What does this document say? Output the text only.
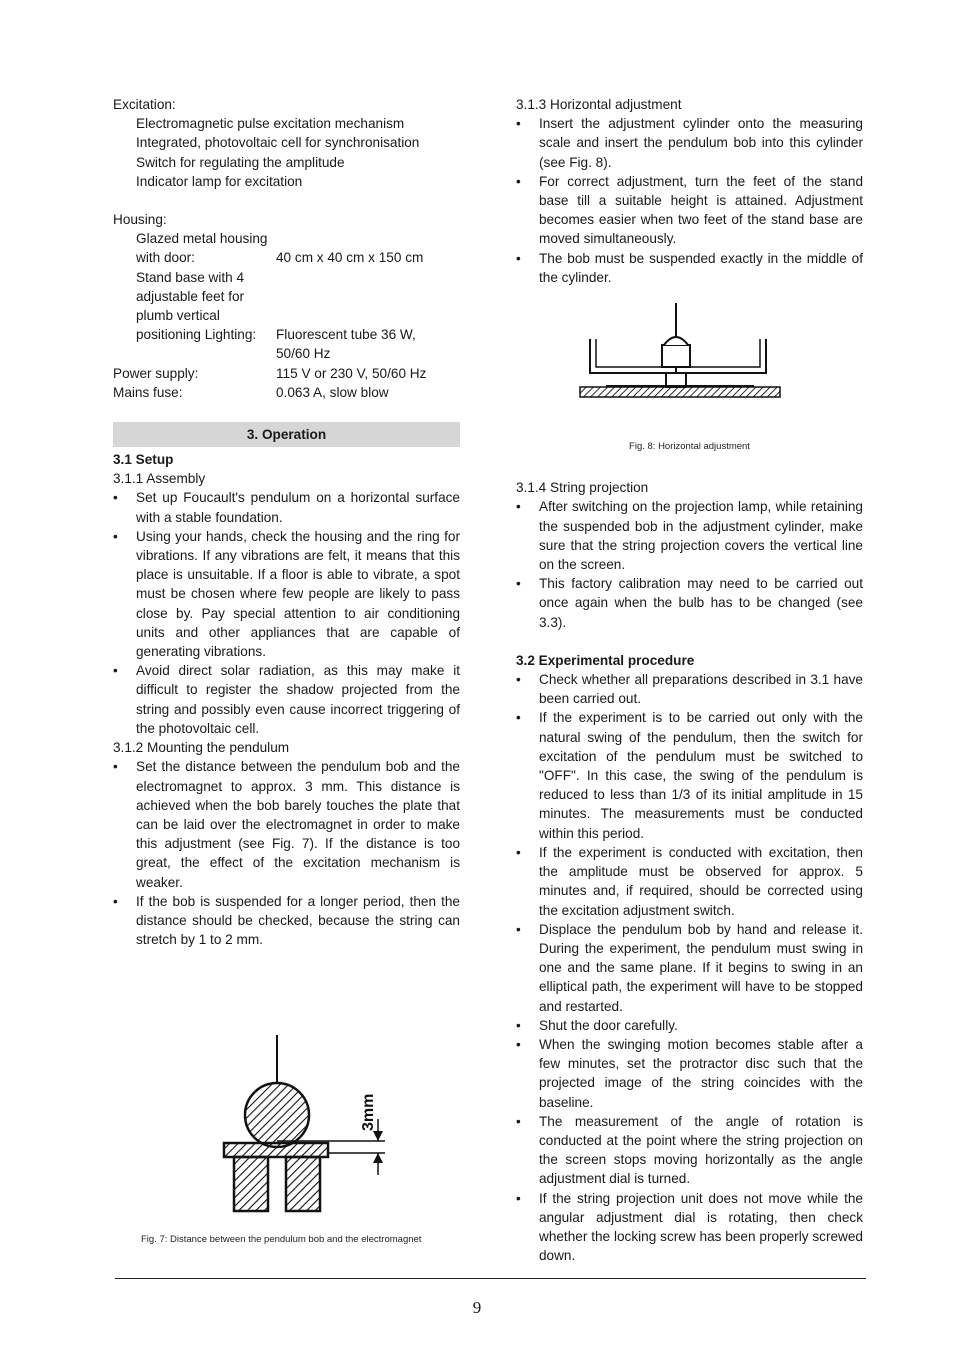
Excitation:

Electromagnetic pulse excitation mechanism

Integrated, photovoltaic cell for synchronisation

Switch for regulating the amplitude

Indicator lamp for excitation

Housing:

Glazed metal housing

with door:	40 cm x 40 cm x 150 cm

Stand base with 4

adjustable feet for

plumb vertical

positioning Lighting:	Fluorescent tube 36 W,
50/60 Hz
Power supply:	115 V or 230 V, 50/60 Hz
Mains fuse:	0.063 A, slow blow
3. Operation
3.1 Setup

3.1.1 Assembly

• Set up Foucault's pendulum on a horizontal surface with a stable foundation.
• Using your hands, check the housing and the ring for vibrations. If any vibrations are felt, it means that this place is unsuitable. If a floor is able to vibrate, a spot must be chosen where few people are likely to pass close by. Pay special attention to air conditioning units and other appliances that are capable of generating vibrations.
• Avoid direct solar radiation, as this may make it difficult to register the shadow projected from the string and possibly even cause incorrect triggering of the photovoltaic cell.

3.1.2 Mounting the pendulum

• Set the distance between the pendulum bob and the electromagnet to approx. 3 mm. This distance is achieved when the bob barely touches the plate that can be laid over the electromagnet in order to make this adjustment (see Fig. 7). If the distance is too great, the effect of the excitation mechanism is weaker.
• If the bob is suspended for a longer period, then the distance should be checked, because the string can stretch by 1 to 2 mm.
3mm
Fig. 7: Distance between the pendulum bob and the electromagnet

3.1.3 Horizontal adjustment

• Insert the adjustment cylinder onto the measuring scale and insert the pendulum bob into this cylinder (see Fig. 8).
• For correct adjustment, turn the feet of the stand base till a suitable height is attained. Adjustment becomes easier when two feet of the stand base are moved simultaneously.
• The bob must be suspended exactly in the middle of the cylinder.
Fig. 8: Horizontal adjustment

3.1.4 String projection

• After switching on the projection lamp, while retaining the suspended bob in the adjustment cylinder, make sure that the string projection covers the vertical line on the screen.
• This factory calibration may need to be carried out once again when the bulb has to be changed (see 3.3).
3.2 Experimental procedure
• Check whether all preparations described in 3.1 have been carried out.
• If the experiment is to be carried out only with the natural swing of the pendulum, then the switch for excitation of the pendulum must be switched to "OFF". In this case, the swing of the pendulum is reduced to less than 1/3 of its initial amplitude in 15 minutes. The measurements must be conducted within this period.
• If the experiment is conducted with excitation, then the amplitude must be observed for approx. 5 minutes and, if required, should be corrected using the excitation adjustment switch.
• Displace the pendulum bob by hand and release it. During the experiment, the pendulum must swing in one and the same plane. If it begins to swing in an elliptical path, the experiment will have to be stopped and restarted.
• Shut the door carefully.
• When the swinging motion becomes stable after a few minutes, set the protractor disc such that the projected image of the string coincides with the baseline.
• The measurement of the angle of rotation is conducted at the point where the string projection on the screen stops moving horizontally as the angle adjustment dial is turned.
• If the string projection unit does not move while the angular adjustment dial is rotating, then check whether the locking screw has been properly screwed down.
9
